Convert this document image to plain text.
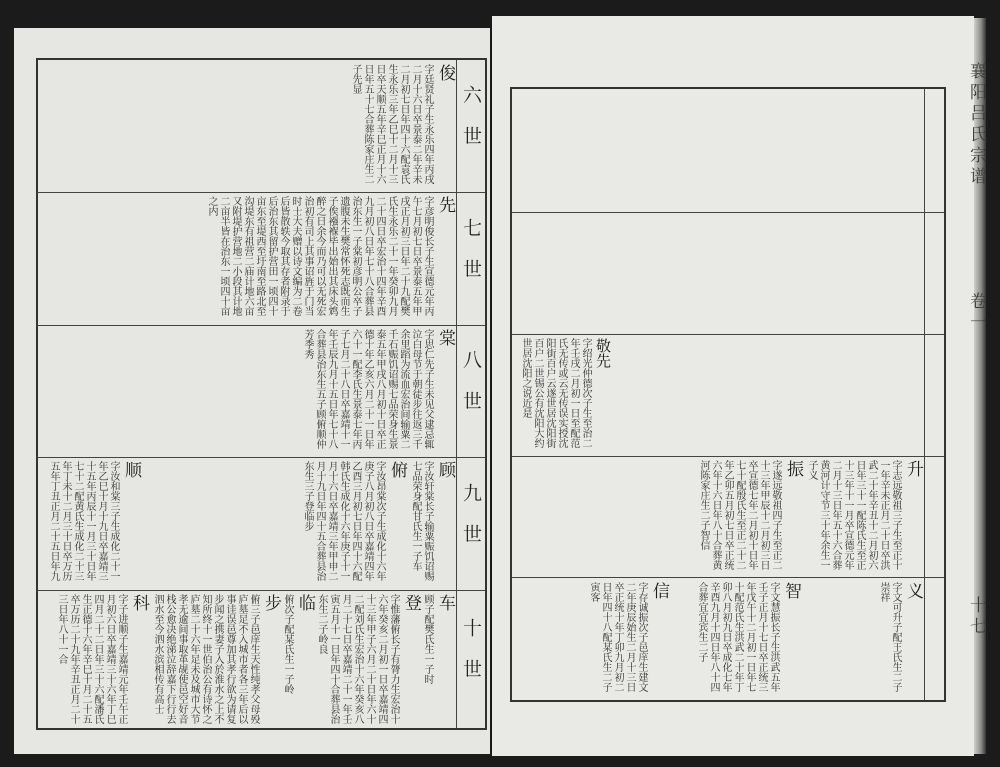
六世
七世
八世
九世
十世
俊
字廷贤礼子生永乐四年丙戌二月十六日卒景泰二年辛未二月初七日年四十六配袁氏生永乐三年乙巳十二月十三日卒天顺五年辛巳正月十六日年五十七合葬陈家庄生二子先显
先
字彦明俊长子生宣德元年丙午七月初七日卒景泰五年甲戌正月初三日年二十九配樊氏生永乐二十一年癸卯九月二十四日卒宏治十四年辛酉九月初八日年七十八合葬县治东生一子棠初彦明公卒子遗腹未生樊常怀死志既而生子俟襁褓毕出始出其床头鸩醉之日余今而乃可以无死宏治初有司上其事诏旌于门当时士大夫赠以诗文编为二卷后皆散轶今取其存者附录于后治东其留护营田一顷四十亩东至堤西至圩南至路北至沟堤东有祖营二庙计地六亩又附堤护营地二小段其计地二亩半皆在治东一顷四十亩之内
棠
字思仁先子生未见父逮忌辄泣白母节于朝徒步往返三千余里蹈为流血宏治间输粟二千石赈饥诏赐七品荣身生景泰五年甲戌八月初十日卒正德十年乙亥六月二十一日年六十一配李氏生景泰七年丙子七月二十八日卒嘉靖十一年壬辰九月十五日年七十八合葬县治东生五子顾俯顺仲芳季秀
顾
字汝轩棠长子输粟赈饥诏赐七品荣身配甘氏生一子车
俯
字汝昂棠次子生成化十六年庚子八月初八日卒嘉靖四年乙酉三月初七日年四十六配韩氏生成化十六年庚子十一月十六日卒嘉靖三年甲申二月十九日年四十五合葬县治东生三子登临步
顺
字汝和棠三子生成化二十一年乙巳十月十九日卒嘉靖三十五年丙辰十一月三十日年七十二配黄氏生成化二十三年丁未十二月三十日卒万历五年丁丑正月二十五日年九
车
顾子配樊氏生一子时
登
字惟藩俯长子有膂力生宏治十六年癸亥二月初一日卒嘉靖四十三年甲子六月二十日年六十二配刘氏生宏治十六年癸亥八月二十七日卒嘉靖二十一年壬寅五月十一日年四十合葬县治东生二子岭良
临
俯次子配某氏生一子岭
步
俯三子邑庠生天性纯孝父母殁庐墓足不入城市者各三年后以事诖误邑尊加其孝行欲为请复步闻之携妻子入於淮水之上不知所终十一世伯治公有诗怀之庐墓二十六年足未及城市大节孝无逾间事取革觇使邑空好音栈公愈决绝涕泣辞嘉下行行去泗水至今泗水滨相传有高士
科
字子进顺子生嘉靖元年壬午正月初六日卒嘉靖三十六年丁巳四月二十二日年三十六配潘氏生正德十六年辛巳十月二十五卒万历二十九年辛丑正月二十三日年八十一合
敬先
字绍光仲德次子生至治二年壬戌二月初一日至配范氏无传或云无传误实授沈阳街百户云遂世居沈阳街百户二世锡公有沈阳大约世居沈阳之说近是
升
字志远敬祖三子生至正十一年辛未正月二十日卒洪武二十年辛丑十二月初六日年三十一配陈氏生至正十三年十一月卒宣德元年二月十三日年五十六合葬黄河计守节三十年余生一子义
振
字遂远敬祖四子生至正二十三年甲辰十二月初三日卒宣德七年二月初十日年七十配殷氏生至正二十二年乙卯五月初七日卒正统六年十六日年八十合葬黄河陈家庄生二子智信
义
字文可升子配王氏生二子崇祥
智
字文慧振长子生洪武五年壬子正月十七日卒正统三年戊午十二月初一日年七十配范氏生洪武二十年丁卯八月初九日卒成化七年辛酉九月十四日年八十四合葬宜宜宾生二子
信
字存诚振次子邑庠生建文二年庚辰始生二月十三日卒正统十年丁卯九月初二日年四十八配某氏生二子寅客
襄阳吕氏宗谱
卷一
十七
